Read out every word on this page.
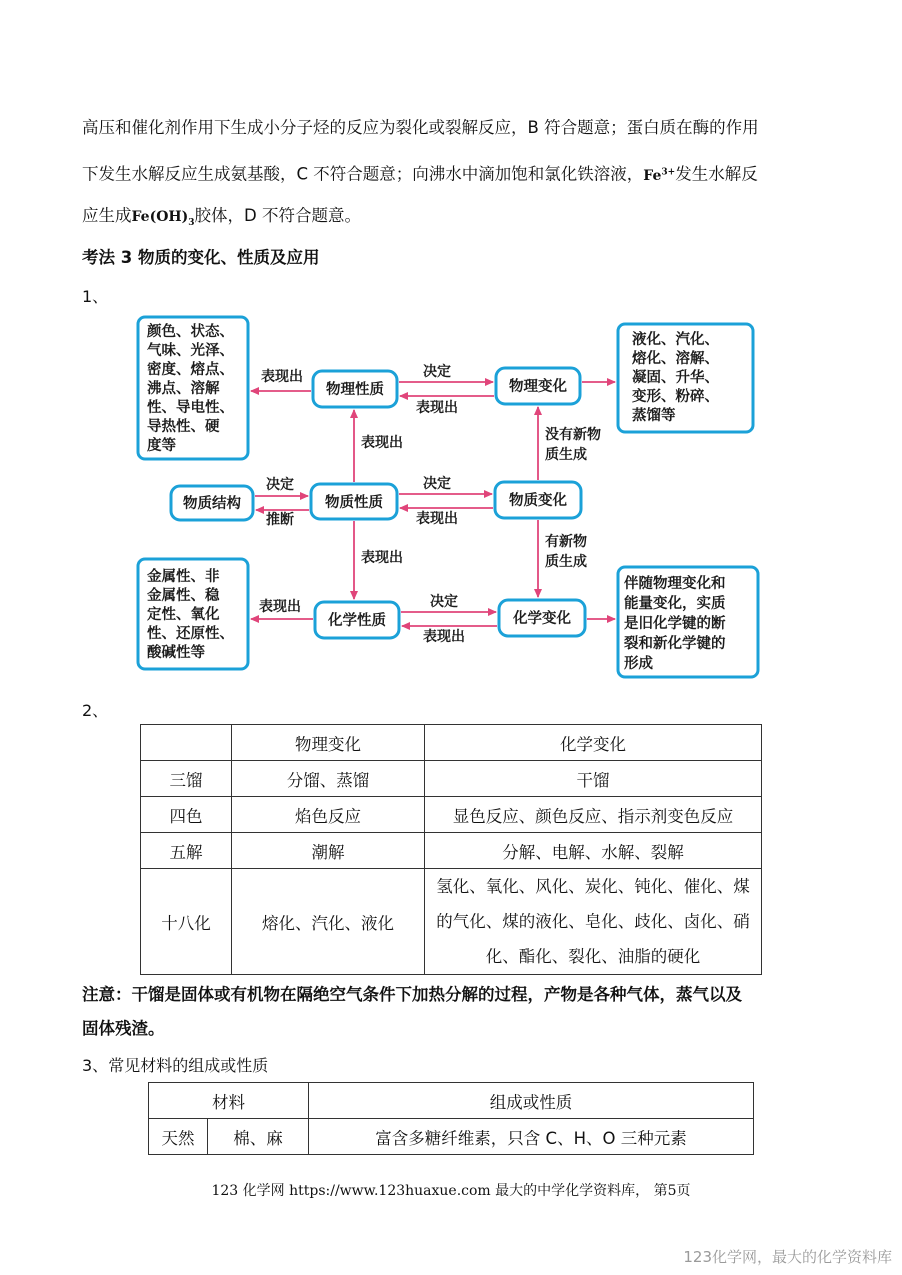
高压和催化剂作用下生成小分子烃的反应为裂化或裂解反应，B 符合题意；蛋白质在酶的作用
下发生水解反应生成氨基酸，C 不符合题意；向沸水中滴加饱和氯化铁溶液，$Fe^{3+}$发生水解反
应生成$Fe(OH)_3$胶体，D 不符合题意。
考法 3 物质的变化、性质及应用
1、
颜色、状态、 气味、光泽、 密度、熔点、 沸点、溶解 性、导电性、 导热性、硬 度等
物理性质	物理变化
液化、汽化、 熔化、溶解、 凝固、升华、 变形、粉碎、 蒸馏等
物质结构	物质性质	物质变化
金属性、非 金属性、稳 定性、氧化 性、还原性、 酸碱性等
化学性质	化学变化
伴随物理变化和 能量变化，实质 是旧化学键的断 裂和新化学键的 形成
表现出	决定
表现出
表现出	没有新物 质生成
决定
推断
决定
表现出
表现出
有新物 质生成
表现出	决定
表现出
2、
	物理变化	化学变化
三馏	分馏、蒸馏	干馏
四色	焰色反应	显色反应、颜色反应、指示剂变色反应
五解	潮解	分解、电解、水解、裂解
十八化	熔化、汽化、液化	氢化、氧化、风化、炭化、钝化、催化、煤
的气化、煤的液化、皂化、歧化、卤化、硝
化、酯化、裂化、油脂的硬化
注意：干馏是固体或有机物在隔绝空气条件下加热分解的过程，产物是各种气体，蒸气以及
固体残渣。
3、常见材料的组成或性质
材料		组成或性质
天然	棉、麻	富含多糖纤维素，只含 C、H、O 三种元素
123 化学网 https://www.123huaxue.com 最大的中学化学资料库， 第5页
123化学网，最大的化学资料库
